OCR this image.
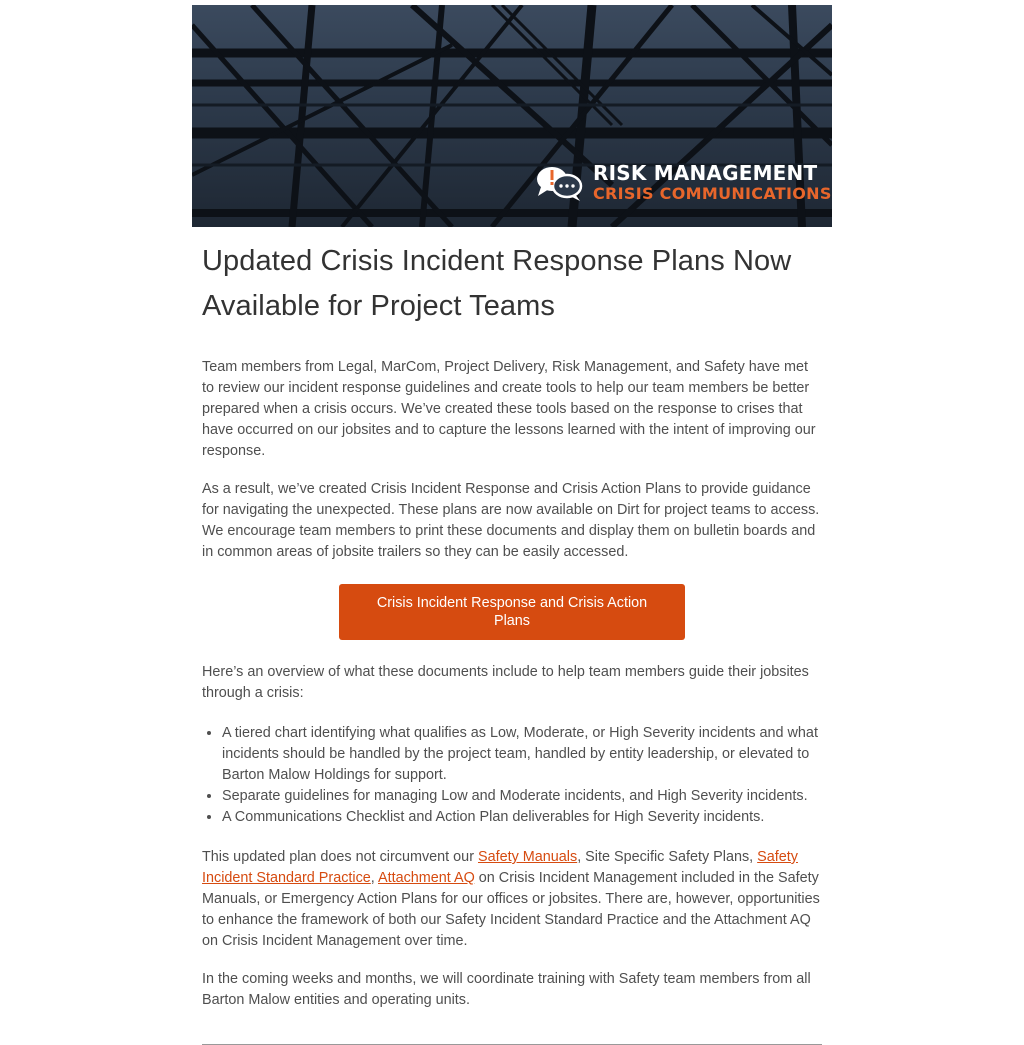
RISK MANAGEMENT
CRISIS COMMUNICATIONS
Updated Crisis Incident Response Plans Now Available for Project Teams

Team members from Legal, MarCom, Project Delivery, Risk Management, and Safety have met to review our incident response guidelines and create tools to help our team members be better prepared when a crisis occurs. We’ve created these tools based on the response to crises that have occurred on our jobsites and to capture the lessons learned with the intent of improving our response.

As a result, we’ve created Crisis Incident Response and Crisis Action Plans to provide guidance for navigating the unexpected. These plans are now available on Dirt for project teams to access. We encourage team members to print these documents and display them on bulletin boards and in common areas of jobsite trailers so they can be easily accessed.

Crisis Incident Response and Crisis Action Plans

Here’s an overview of what these documents include to help team members guide their jobsites through a crisis:

• A tiered chart identifying what qualifies as Low, Moderate, or High Severity incidents and what incidents should be handled by the project team, handled by entity leadership, or elevated to Barton Malow Holdings for support.
• Separate guidelines for managing Low and Moderate incidents, and High Severity incidents.
• A Communications Checklist and Action Plan deliverables for High Severity incidents.

This updated plan does not circumvent our Safety Manuals, Site Specific Safety Plans, Safety Incident Standard Practice, Attachment AQ on Crisis Incident Management included in the Safety Manuals, or Emergency Action Plans for our offices or jobsites. There are, however, opportunities to enhance the framework of both our Safety Incident Standard Practice and the Attachment AQ on Crisis Incident Management over time.

In the coming weeks and months, we will coordinate training with Safety team members from all Barton Malow entities and operating units.
